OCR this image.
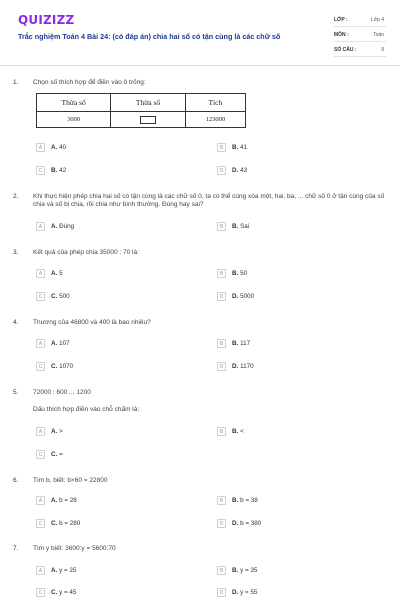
QUIZIZZ
Trắc nghiệm Toán 4 Bài 24: (có đáp án) chia hai số có tận cùng là các chữ số
LỚP :	Lớp 4
MÔN :	Toán
SỐ CÂU :	9
1. Chọn số thích hợp để điền vào ô trống:
Thừa số	Thừa số	Tích
3000		123000
A	A. 40	B	B. 41
C	B. 42	D	D. 43
2. Khi thực hiện phép chia hai số có tận cùng là các chữ số 0, ta có thể cùng xóa một, hai, ba, ... chữ số 0 ở tận cùng của số chia và số bị chia, rồi chia như bình thường. Đúng hay sai?
A	A. Đúng	B	B. Sai
3. Kết quả của phép chia 35000 : 70 là:
A	A. 5	B	B. 50
C	C. 500	D	D. 5000
4. Thương của 46800 và 400 là bao nhiêu?
A	A. 107	B	B. 117
C	C. 1070	D	D. 1170
5. 72000 : 600 ... 1200
Dấu thích hợp điền vào chỗ chấm là:
A	A. >	B	B. <
C	C. =
6. Tìm b, biết: b×60 = 22800
A	A. b = 28	B	B. b = 38
C	C. b = 280	D	D. b = 380
7. Tìm y biết: 3600:y = 5600:70
A	A. y = 25	B	B. y = 35
C	C. y = 45	D	D. y = 55
